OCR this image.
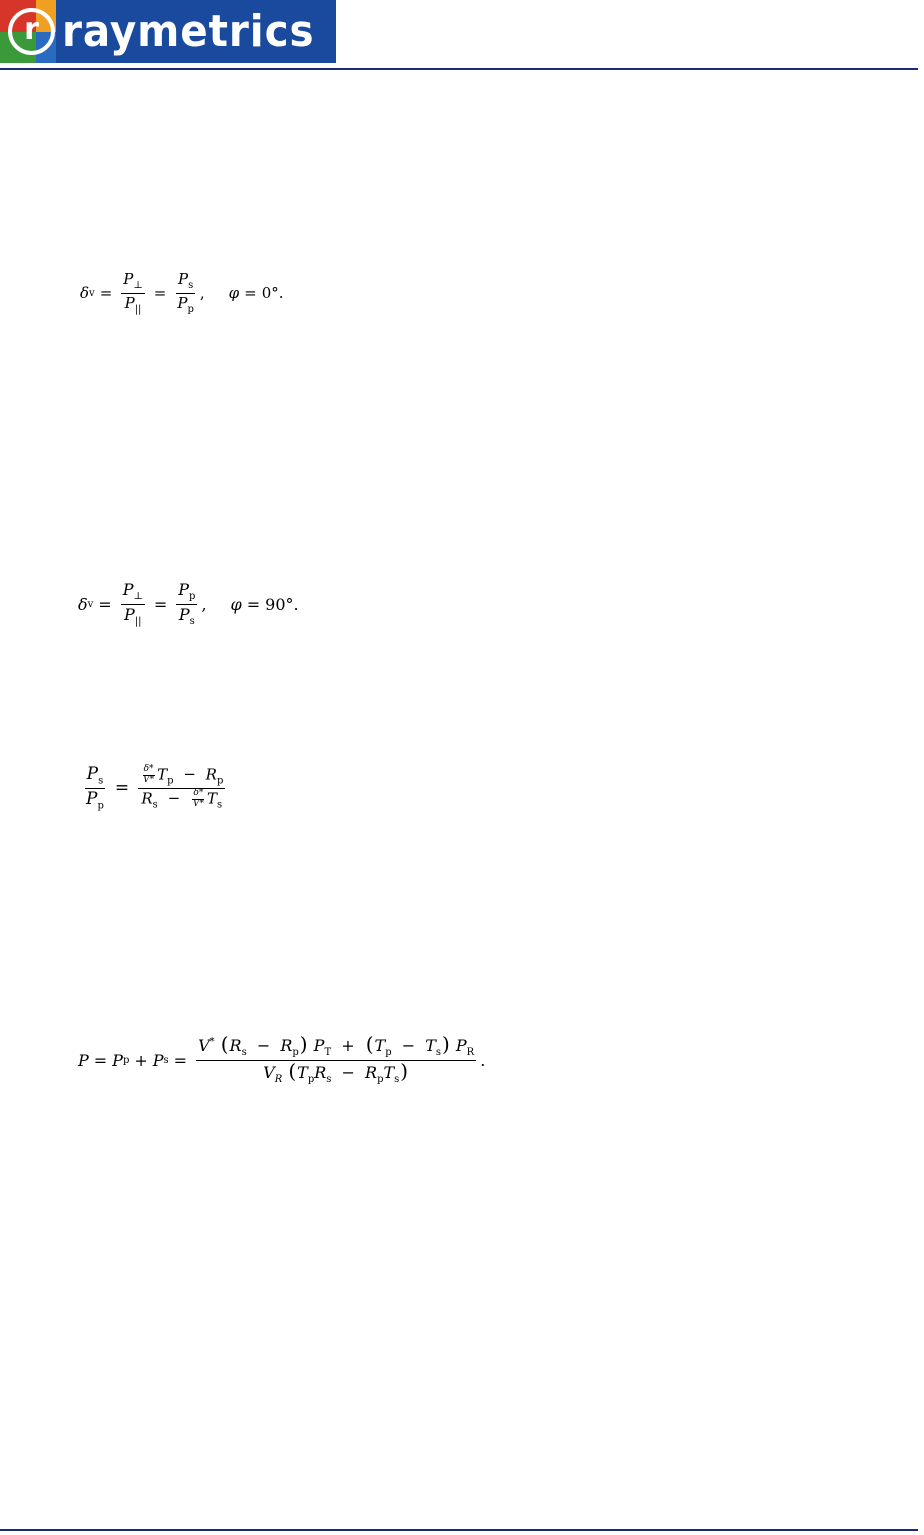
r raymetrics
δ $v = \frac{P_\perp}{P_{||}} = \frac{P_s}{P_p}$ , φ = 0°.
δ $v = \frac{P_\perp}{P_{||}} = \frac{P_p}{P_s}$ , φ = 90°.
$\frac{P_s}{P_p} = \frac{\frac{\delta*}{V*} T_p - R_p}{R_s - \frac{\delta*}{V*} T_s}$
P = P p + P s =
V* $(R_s - R_p) P_T + (T_p - T_s)$ $P_R$
$V_R$ $(T_pR_s - R_pT_s)$	.
